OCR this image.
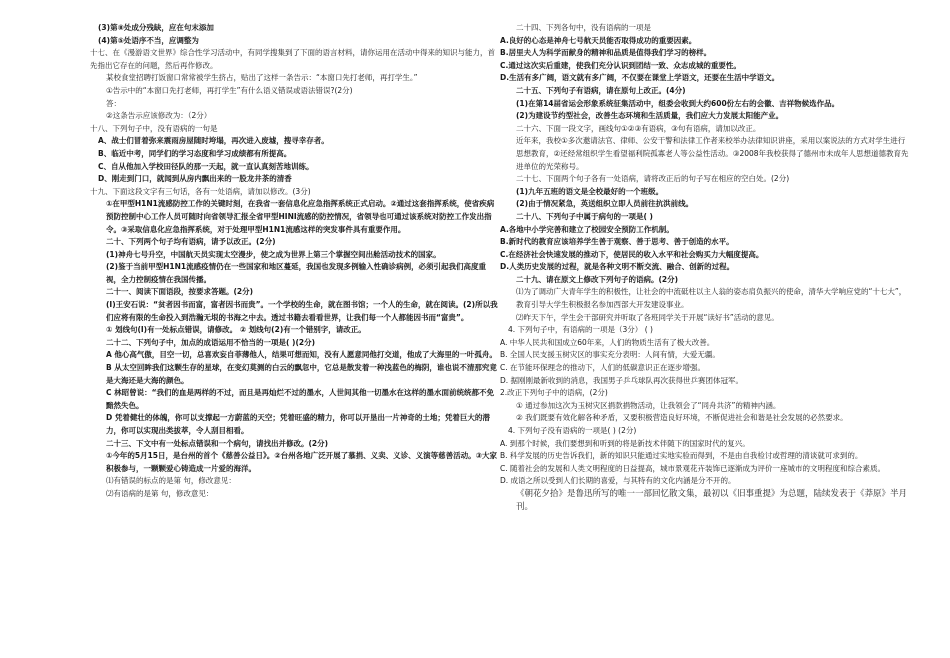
(3)第⑧处成分残缺，应在句末添加

(4)第⑤处语序不当，应调整为

十七、在《漫游语文世界》综合性学习活动中，有同学搜集到了下面的语言材料，请你运用在活动中得来的知识与能力，首先指出它存在的问题，然后再作修改。

某校食堂招聘打饭窗口常常被学生挤占，贴出了这样一条告示：“本窗口先打老师，再打学生。”

①告示中的“本窗口先打老师，再打学生”有什么语义错误或语法错误?(2分)

答：

②这条告示应该修改为：（2分）

十八、下列句子中，没有语病的一句是

A、战士们冒着弥来震雨房屋随时垮塌，再次进入废墟，搜寻幸存者。

B、临近中考，同学们的学习态度和学习成绩都有所提高。

C、自从他加入学校田径队的那一天起，就一直认真刻苦地训练。

D、刚走到门口，就闻到从房内飘出来的一股龙井茶的清香

十九、下面这段文字有三句话，各有一处语病，请加以修改。(3分)

①在甲型H1N1流感防控工作的关键时刻，在我省一套信息化应急指挥系统正式启动。②通过这套指挥系统，使省疾病预防控制中心工作人员可随时向省领导汇报全省甲型HINI流感的防控情况，省领导也可通过该系统对防控工作发出指令。③采取信息化应急指挥系统，对于处理甲型H1N1流感这样的突发事件具有重要作用。

二十、下列两个句子均有语病，请予以改正。(2分)

(1)神舟七号升空，中国航天员实现太空漫步，使之成为世界上第三个掌握空间出舱活动技术的国家。

(2)鉴于当前甲型H1N1流感疫情仍在一些国家和地区蔓延，我国也发现多例输入性确诊病例，必须引起我们高度重视，全力控制疫情在我国传播。

二十一、阅读下面语段，按要求答题。(2分)

(Ⅰ)王安石说：“贫者因书而富，富者因书而贵”。一个学校的生命，就在图书馆；一个人的生命，就在阅读。(2)所以我们应将有限的生命投入到浩瀚无垠的书海之中去。透过书籍去看看世界，让我们每一个人都能因书而“富贵”。

① 划线句(Ⅰ)有一处标点错误，请修改。 ② 划线句(2)有一个错别字，请改正。

二十二、下列句子中，加点的成语运用不恰当的一项是( )(2分)

A 他心高气傲，目空一切，总喜欢妄自菲薄他人，结果可想而知，没有人愿意同他打交道，他成了大海里的一叶孤舟。

B 从太空回眸我们这颗生存的星球，在变幻莫测的白云的飘忽中，它总是散发着一种浅蓝色的梅阴，谁也说不清那究竟是大海还是大海的颜色。

C 林昭曾说：“我们的血是两样的不过，而且是再灿烂不过的墨水，人世间其他一切墨水在这样的墨水面前统统都不免黯然失色。

D 凭着健壮的体魄，你可以支撑起一方蔚蓝的天空；凭着旺盛的精力，你可以开垦出一片神奇的土地；凭着巨大的潜力，你可以实现出类拔萃，令人刮目相看。

二十三、下文中有一处标点错误和一个病句，请找出并修改。(2分)

①今年的5月15日，是台州的首个《慈善公益日》。②台州各地广泛开展了慕捐、义卖、义诊、义演等慈善活动。③大家积极参与，一颗颗爱心铸造成一片爱的海洋。

⑴有错误的标点的是第 句，修改意见：

⑵有语病的是第 句，修改意见：

二十四、下列各句中，没有语病的一项是

A.良好的心态是神舟七号航天员能否取得成功的重要因素。

B.居里夫人为科学而献身的精神和品质是值得我们学习的榜样。

C.通过这次实后重建，使我们充分认识到团结一致、众志成城的重要性。

D.生活有多广阔，语文就有多广阔，不仅要在课堂上学语文，还要在生活中学语文。

二十五、下列句子有语病，请在原句上改正。(4分)

(1)在第14届省运会形象系统征集活动中，组委会收到大约600份左右的会徽、吉祥物候选作品。

(2)为建设节约型社会，改善生态环境和生活质量，我们应大力发展太阳能产业。

二十六、下面一段文字，画线句①②③有语病，③句有语病，请加以改正。

近年来，我校①多次邀请法官、律师、公安干警和法律工作者来校举办法律知识讲座，采用以案说法的方式对学生进行思想教育，②还经常组织学生看望福利院孤寡老人等公益性活动。③2008年我校获得了德州市未成年人思想道德教育先进单位的光荣称号。

二十七、下面两个句子各有一处语病，请将改正后的句子写在相应的空白处。(2分)

(1)九年五班的语文是全校最好的一个班级。

(2)由于情况紧急，英送组织立即人员前往抗洪前线。

二十八、下列句子中属于病句的一项是( )

A.各地中小学完善和建立了校园安全预防工作机制。

B.新时代的教育应该培养学生善于观察、善于思考、善于创造的水平。

C.在经济社会快速发展的推动下，使居民的收入水平和社会购买力大幅度提高。

D.人类历史发展的过程，就是各种文明不断交流、融合、创新的过程。

二十九、请在原文上修改下列句子的语病。(2分)

⑴为了调动广大青年学生的积极性，让社会的中流砥柱以主人翁的姿态肩负振兴的使命，清华大学响应党的“十七大”，教育引导大学生积极报名参加西部大开发建设事业。

⑵昨天下午，学生会干部研究并听取了各班同学关于开展“读好书”活动的意见。

4. 下列句子中，有语病的一项是（3分） ( )

A. 中华人民共和国成立60年来，人们的物质生活有了极大改善。

B. 全国人民支援玉树灾区的事实充分表明：人间有情，大爱无疆。

C. 在节能环保理念的推动下，人们的低碳意识正在逐步增强。

D. 据刚刚最新收到的消息，我国男子乒乓球队再次获得世乒赛团体冠军。

2.改正下列句子中的语病，(2分)

① 通过参加这次为玉树灾区捐款捐物活动，让我领会了“同舟共济”的精神内涵。

② 我们既要有效化解各种矛盾，又要积极营造良好环境，不断促进社会和谐是社会发展的必然要求。

4. 下列句子没有语病的一项是( ) (2分)

A. 到那个时候，我们要想到和听到的将是新技术伴随下的国家时代的复兴。

B. 科学发展的历史告诉我们，新的知识只能通过实地实验而得到，不是由自我检讨或哲理的清谈就可求到的。

C. 随着社会的发展和人类文明程度的日益提高，城市景观花卉装饰已逐渐成为评价一座城市的文明程度和综合素质。

D. 成语之所以受到人们长期的喜爱，与其特有的文化内涵是分不开的。

《朝花夕拾》是鲁迅所写的唯一一部回忆散文集，最初以《旧事重提》为总题，陆续发表于《莽原》半月刊。
